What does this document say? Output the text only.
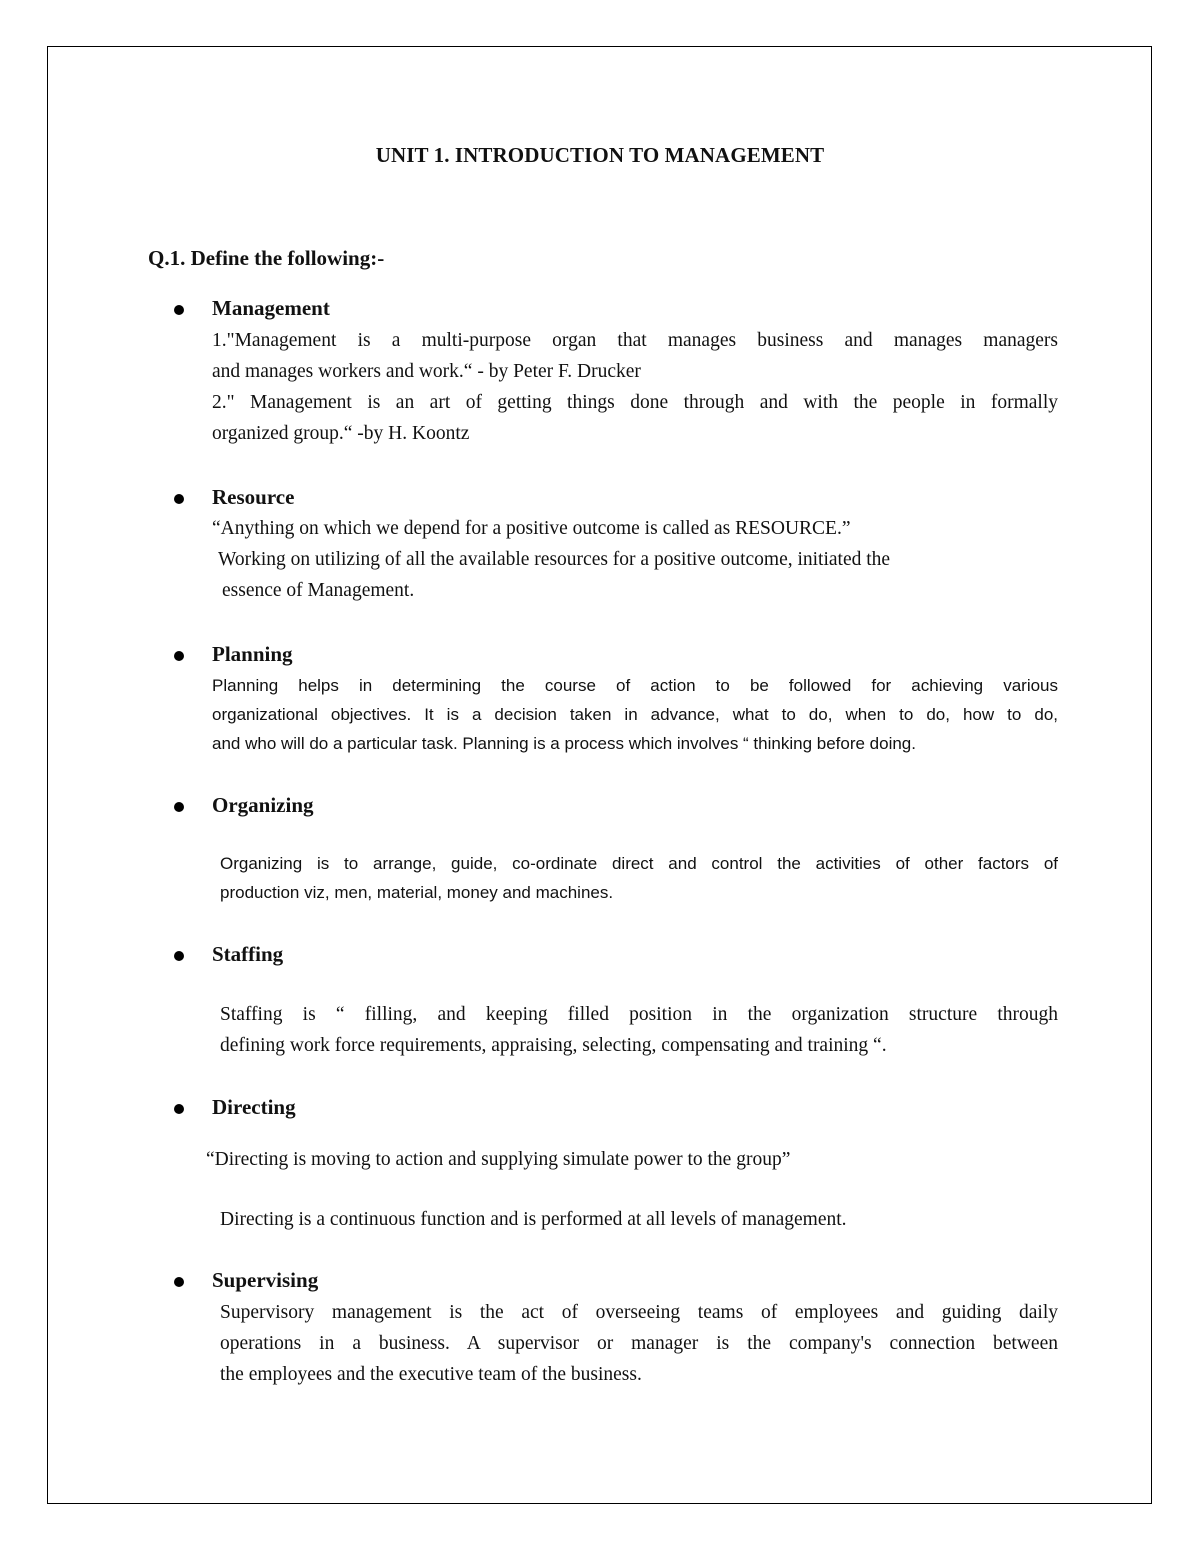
UNIT 1. INTRODUCTION TO MANAGEMENT
Q.1. Define the following:-
Management
1."Management is a multi-purpose organ that manages business and manages managers
and manages workers and work.“ - by Peter F. Drucker
2." Management is an art of getting things done through and with the people in formally
organized group.“ -by H. Koontz
Resource
“Anything on which we depend for a positive outcome is called as RESOURCE.”
Working on utilizing of all the available resources for a positive outcome, initiated the
essence of Management.
Planning
Planning helps in determining the course of action to be followed for achieving various
organizational objectives. It is a decision taken in advance, what to do, when to do, how to do,
and who will do a particular task. Planning is a process which involves “ thinking before doing.
Organizing
Organizing is to arrange, guide, co-ordinate direct and control the activities of other factors of
production viz, men, material, money and machines.
Staffing
Staffing is “ filling, and keeping filled position in the organization structure through
defining work force requirements, appraising, selecting, compensating and training “.
Directing
“Directing is moving to action and supplying simulate power to the group”
Directing is a continuous function and is performed at all levels of management.
Supervising
Supervisory management is the act of overseeing teams of employees and guiding daily
operations in a business. A supervisor or manager is the company's connection between
the employees and the executive team of the business.
